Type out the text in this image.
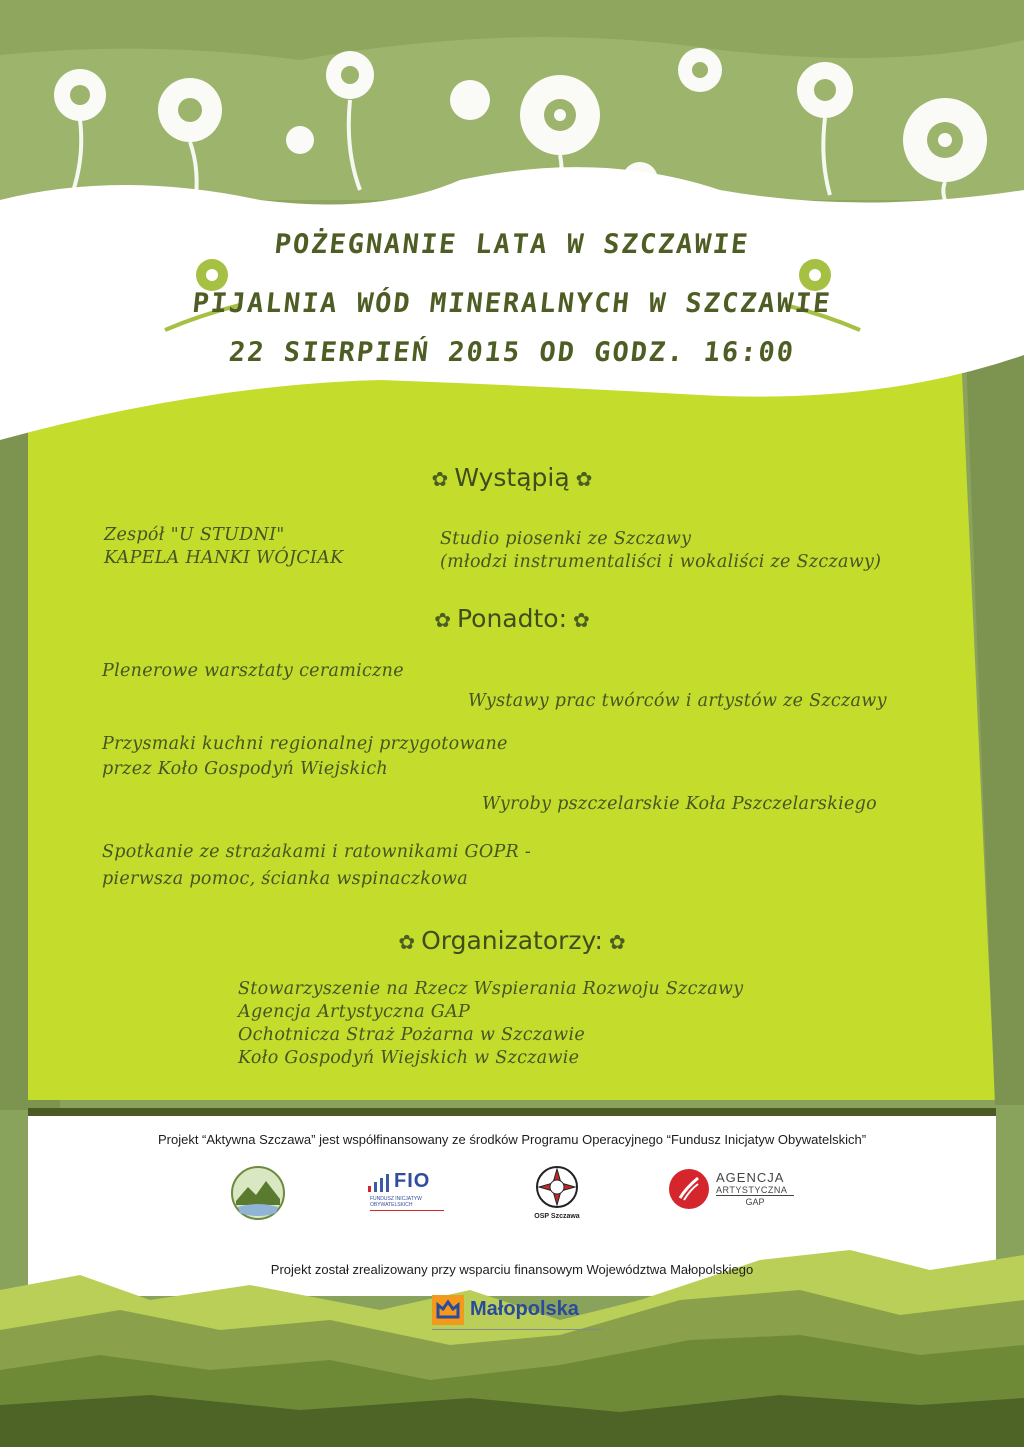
POŻEGNANIE LATA W SZCZAWIE
PIJALNIA WÓD MINERALNYCH W SZCZAWIE
22 SIERPIEŃ 2015 OD GODZ. 16:00
✿ Wystąpią ✿
Zespół "U STUDNI"
KAPELA HANKI WÓJCIAK
Studio piosenki ze Szczawy
(młodzi instrumentaliści i wokaliści ze Szczawy)
✿ Ponadto: ✿
Plenerowe warsztaty ceramiczne
Wystawy prac twórców i artystów ze Szczawy
Przysmaki kuchni regionalnej przygotowane
przez Koło Gospodyń Wiejskich
Wyroby pszczelarskie Koła Pszczelarskiego
Spotkanie ze strażakami i ratownikami GOPR -
pierwsza pomoc, ścianka wspinaczkowa
✿ Organizatorzy: ✿
Stowarzyszenie na Rzecz Wspierania Rozwoju Szczawy
Agencja Artystyczna GAP
Ochotnicza Straż Pożarna w Szczawie
Koło Gospodyń Wiejskich w Szczawie
Projekt “Aktywna Szczawa” jest współfinansowany ze środków Programu Operacyjnego “Fundusz Inicjatyw Obywatelskich”
FIO
FUNDUSZ INICJATYW OBYWATELSKICH
OSP Szczawa
AGENCJA
ARTYSTYCZNA
GAP
Projekt został zrealizowany przy wsparciu finansowym Województwa Małopolskiego
Małopolska
